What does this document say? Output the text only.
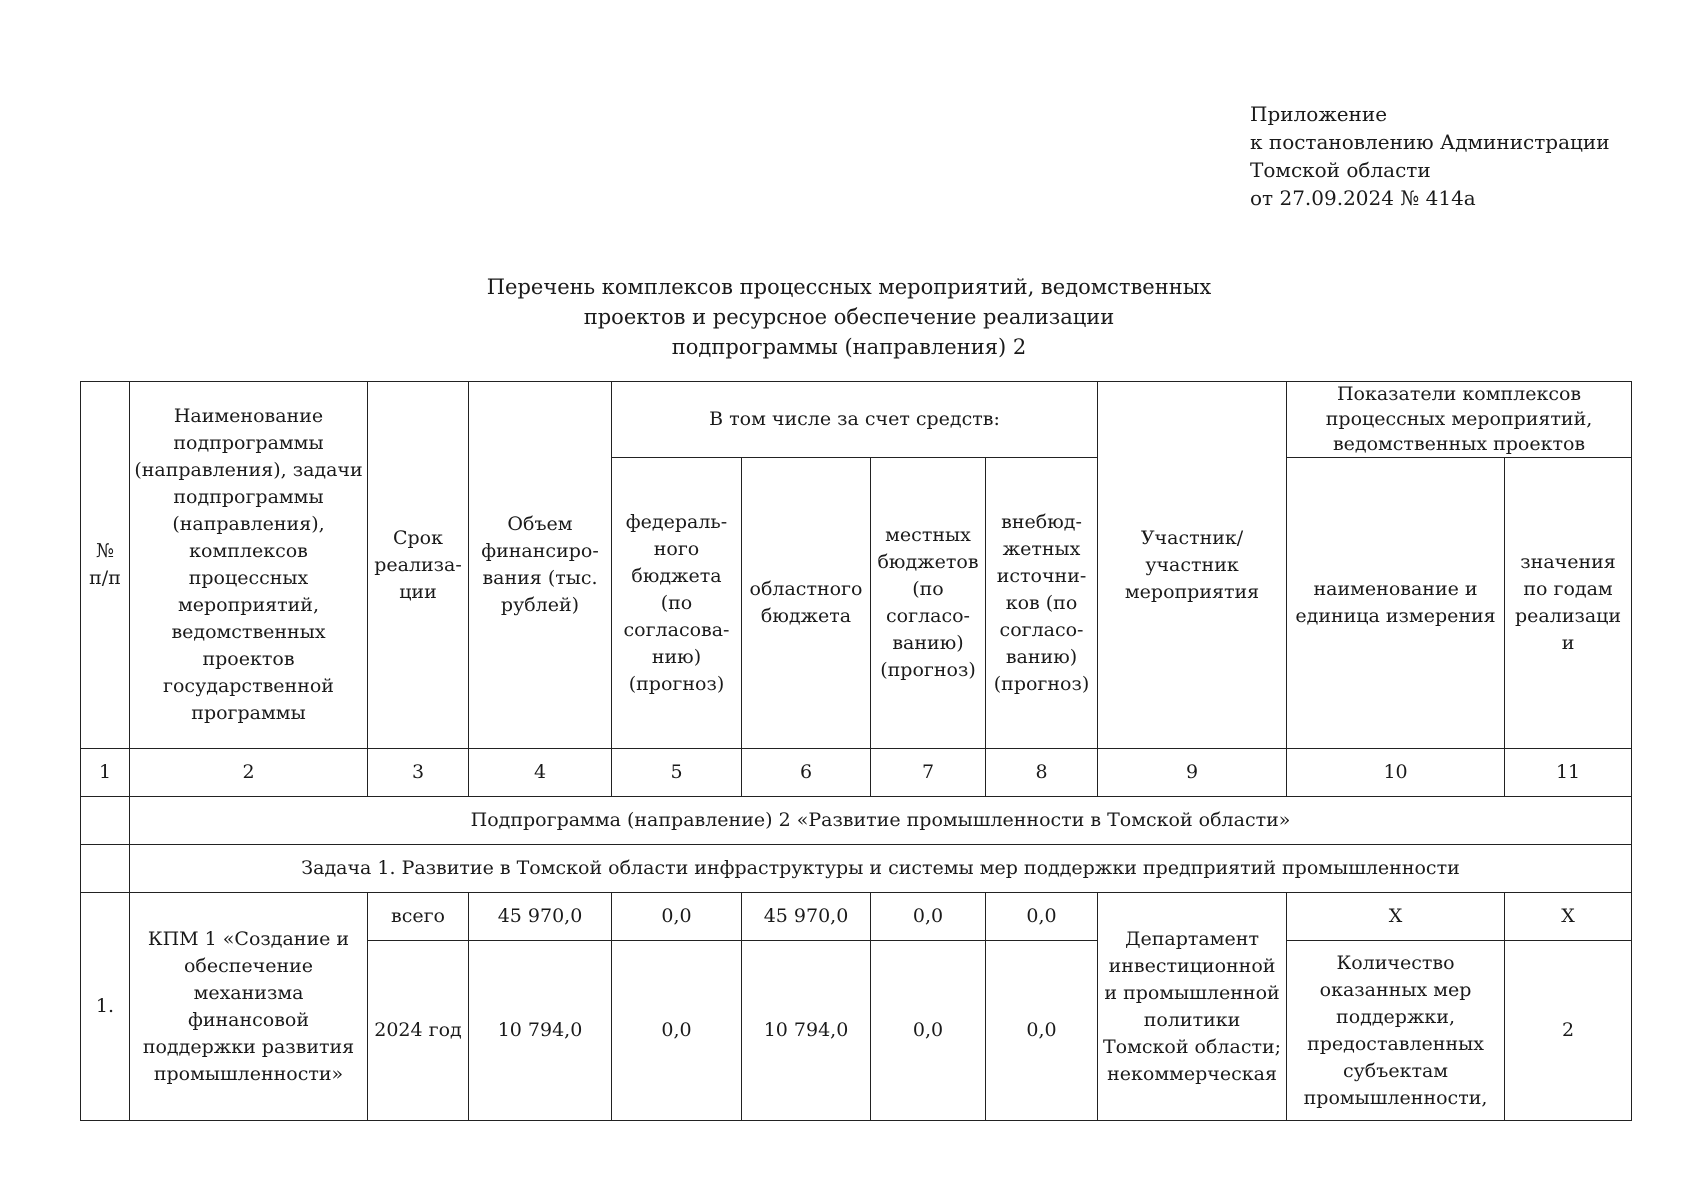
Приложение
к постановлению Администрации
Томской области
от 27.09.2024 № 414а
Перечень комплексов процессных мероприятий, ведомственных
проектов и ресурсное обеспечение реализации
подпрограммы (направления) 2
№ п/п	Наименование подпрограммы (направления), задачи подпрограммы (направления), комплексов процессных мероприятий, ведомственных проектов государственной программы	Срок реализа-ции	Объем финансиро-вания (тыс. рублей)	В том числе за счет средств:				Участник/ участник мероприятия	Показатели комплексов процессных мероприятий, ведомственных проектов	
				федераль-ного бюджета (по согласова-нию) (прогноз)	областного бюджета	местных бюджетов (по согласо-ванию) (прогноз)	внебюд-жетных источни-ков (по согласо-ванию) (прогноз)		наименование и единица измерения	значения по годам реализации
1	2	3	4	5	6	7	8	9	10	11
	Подпрограмма (направление) 2 «Развитие промышленности в Томской области»									
	Задача 1. Развитие в Томской области инфраструктуры и системы мер поддержки предприятий промышленности									
1.	КПМ 1 «Создание и обеспечение механизма финансовой поддержки развития промышленности»	всего	45 970,0	0,0	45 970,0	0,0	0,0	Департамент инвестиционной и промышленной политики Томской области; некоммерческая	Х	Х
		2024 год	10 794,0	0,0	10 794,0	0,0	0,0		Количество оказанных мер поддержки, предоставленных субъектам промышленности,	2
